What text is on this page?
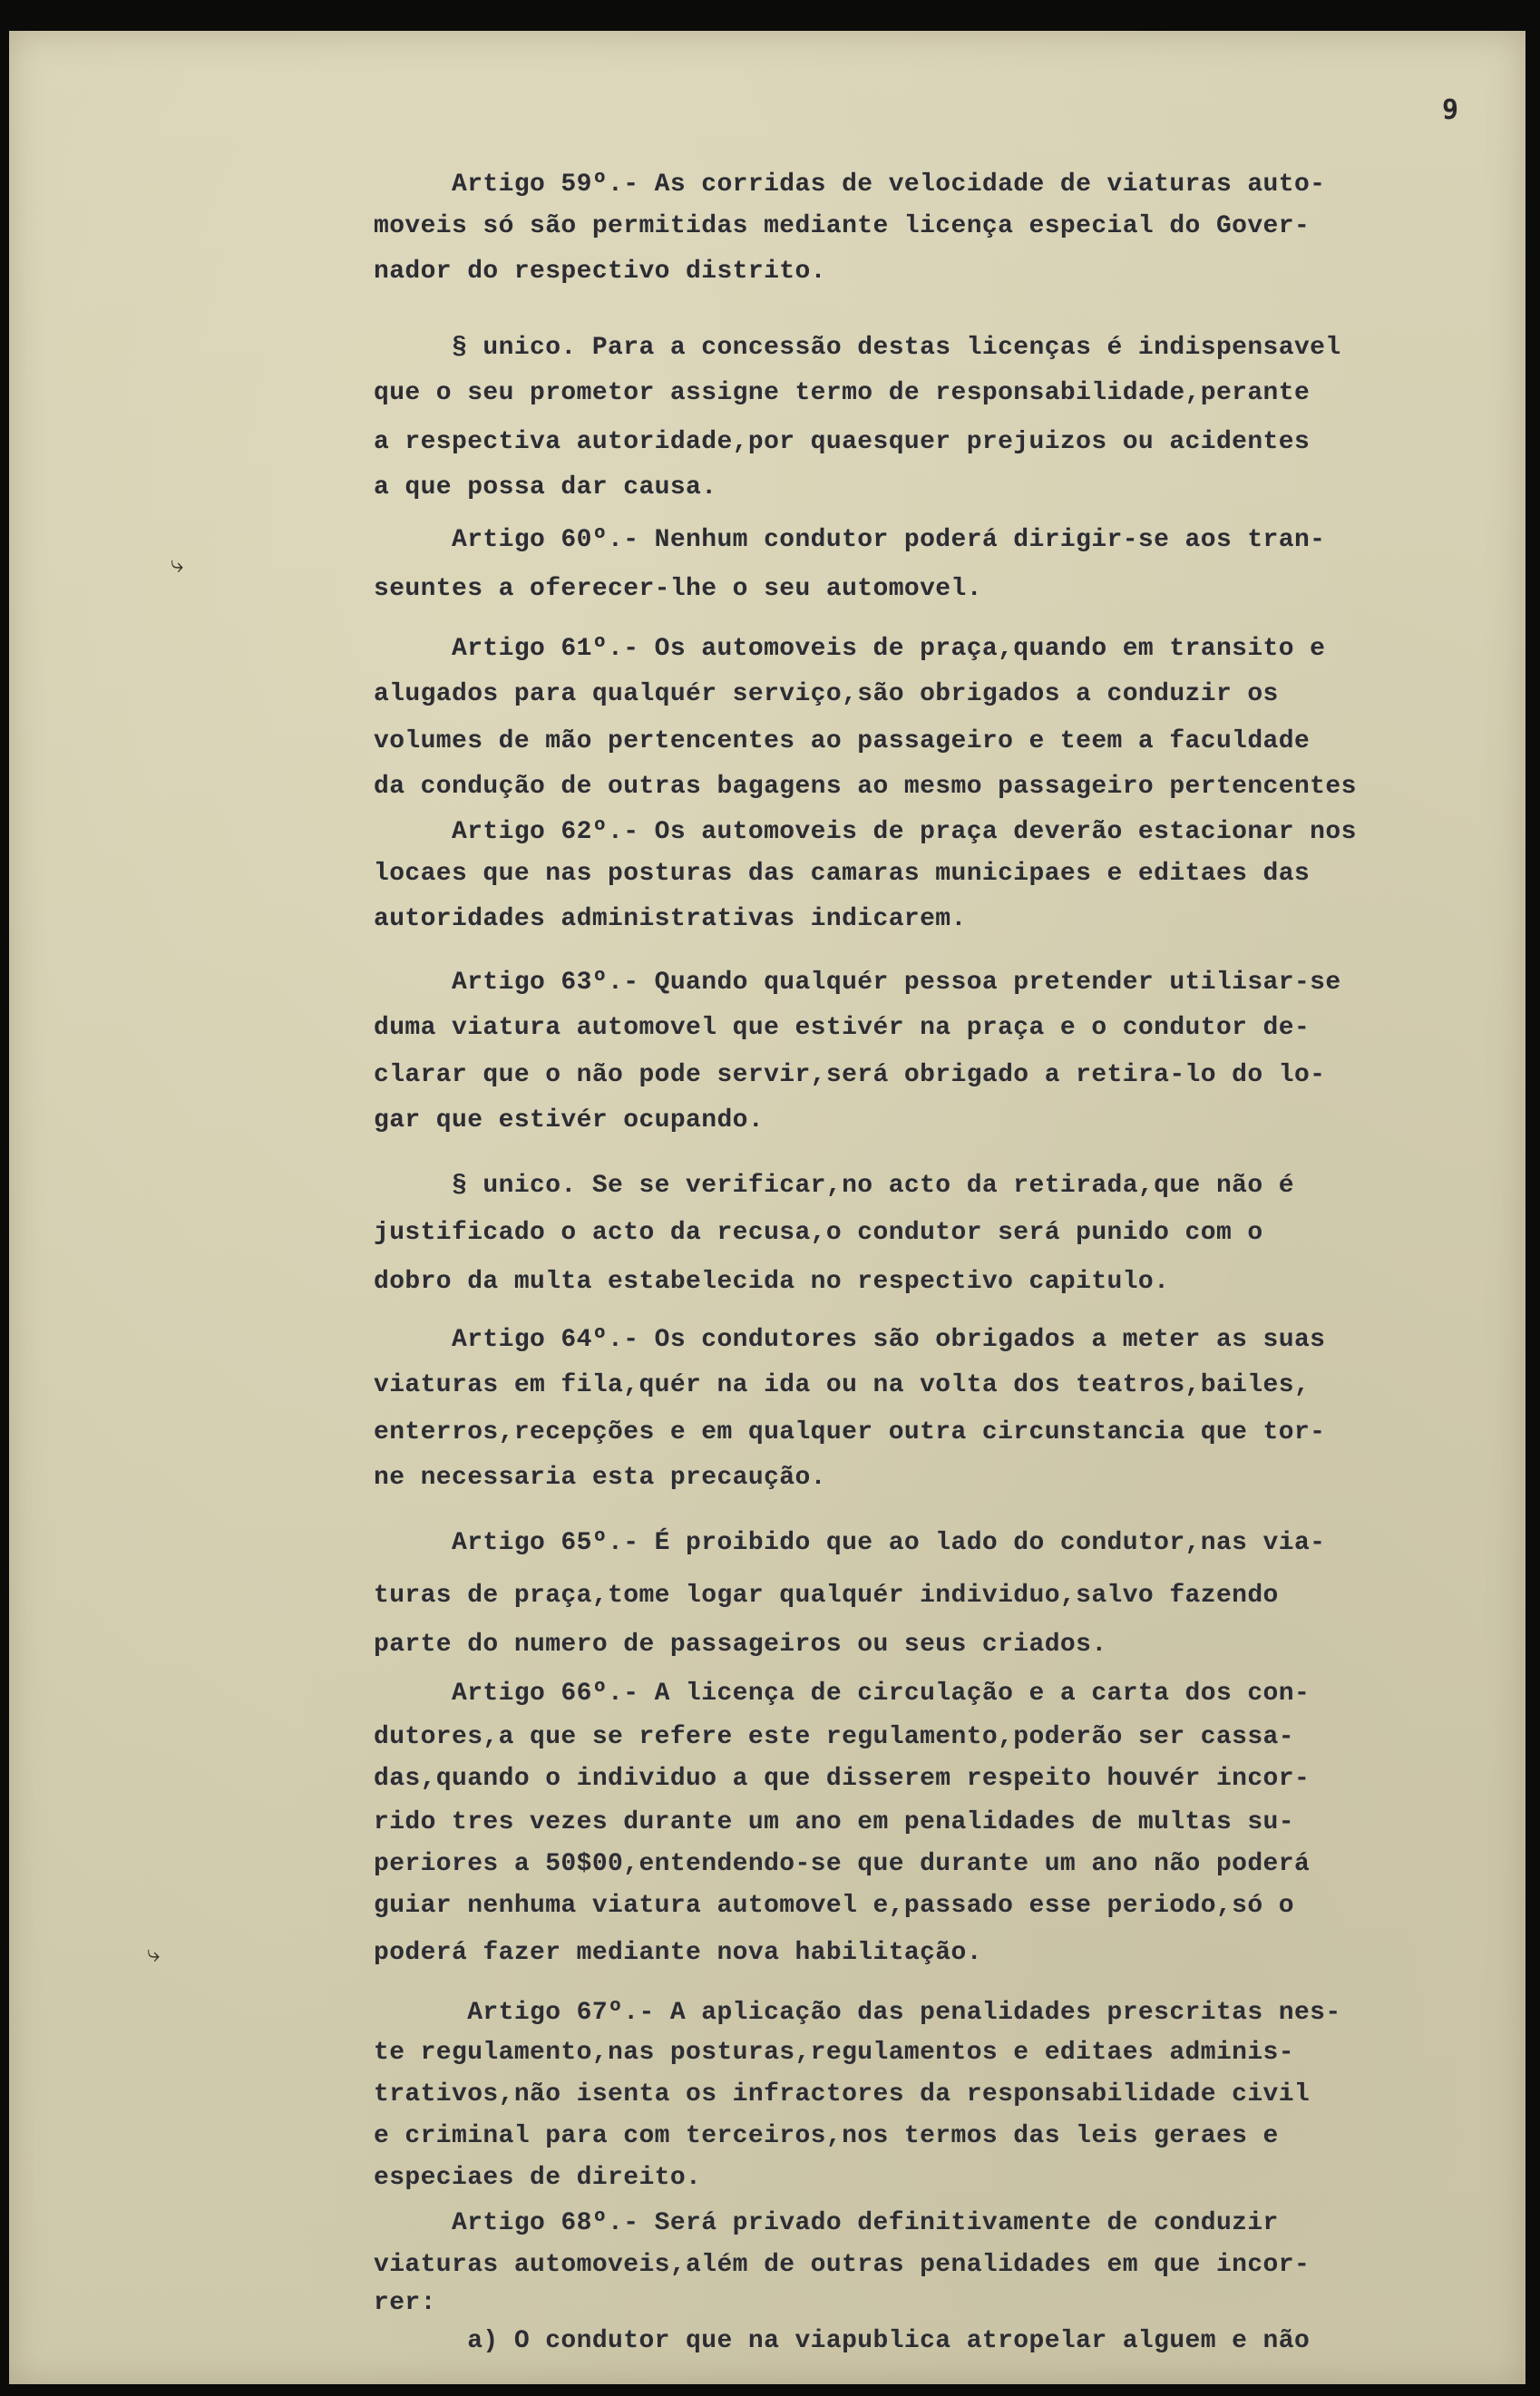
9
⤷
⤷

Artigo 59º.- As corridas de velocidade de viaturas auto-

moveis só são permitidas mediante licença especial do Gover-

nador do respectivo distrito.

§ unico. Para a concessão destas licenças é indispensavel

que o seu prometor assigne termo de responsabilidade,perante

a respectiva autoridade,por quaesquer prejuizos ou acidentes

a que possa dar causa.

Artigo 60º.- Nenhum condutor poderá dirigir-se aos tran-

seuntes a oferecer-lhe o seu automovel.

Artigo 61º.- Os automoveis de praça,quando em transito e

alugados para qualquér serviço,são obrigados a conduzir os

volumes de mão pertencentes ao passageiro e teem a faculdade

da condução de outras bagagens ao mesmo passageiro pertencentes

Artigo 62º.- Os automoveis de praça deverão estacionar nos

locaes que nas posturas das camaras municipaes e editaes das

autoridades administrativas indicarem.

Artigo 63º.- Quando qualquér pessoa pretender utilisar-se

duma viatura automovel que estivér na praça e o condutor de-

clarar que o não pode servir,será obrigado a retira-lo do lo-

gar que estivér ocupando.

§ unico. Se se verificar,no acto da retirada,que não é

justificado o acto da recusa,o condutor será punido com o

dobro da multa estabelecida no respectivo capitulo.

Artigo 64º.- Os condutores são obrigados a meter as suas

viaturas em fila,quér na ida ou na volta dos teatros,bailes,

enterros,recepções e em qualquer outra circunstancia que tor-

ne necessaria esta precaução.

Artigo 65º.- É proibido que ao lado do condutor,nas via-

turas de praça,tome logar qualquér individuo,salvo fazendo

parte do numero de passageiros ou seus criados.

Artigo 66º.- A licença de circulação e a carta dos con-

dutores,a que se refere este regulamento,poderão ser cassa-

das,quando o individuo a que disserem respeito houvér incor-

rido tres vezes durante um ano em penalidades de multas su-

periores a 50$00,entendendo-se que durante um ano não poderá

guiar nenhuma viatura automovel e,passado esse periodo,só o

poderá fazer mediante nova habilitação.

Artigo 67º.- A aplicação das penalidades prescritas nes-

te regulamento,nas posturas,regulamentos e editaes adminis-

trativos,não isenta os infractores da responsabilidade civil

e criminal para com terceiros,nos termos das leis geraes e

especiaes de direito.

Artigo 68º.- Será privado definitivamente de conduzir

viaturas automoveis,além de outras penalidades em que incor-

rer:

a) O condutor que na viapublica atropelar alguem e não
